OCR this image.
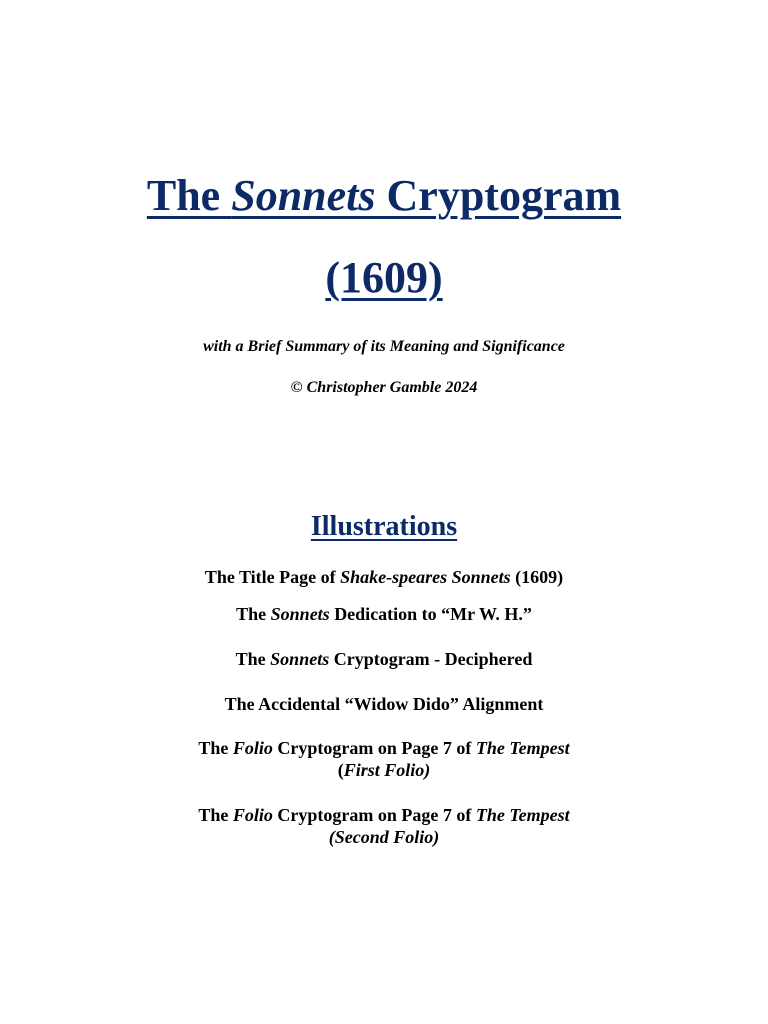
The Sonnets Cryptogram
(1609)
with a Brief Summary of its Meaning and Significance
© Christopher Gamble 2024
Illustrations
The Title Page of Shake-speares Sonnets (1609)
The Sonnets Dedication to “Mr W. H.”
The Sonnets Cryptogram - Deciphered
The Accidental “Widow Dido” Alignment
The Folio Cryptogram on Page 7 of The Tempest
(First Folio)
The Folio Cryptogram on Page 7 of The Tempest
(Second Folio)
